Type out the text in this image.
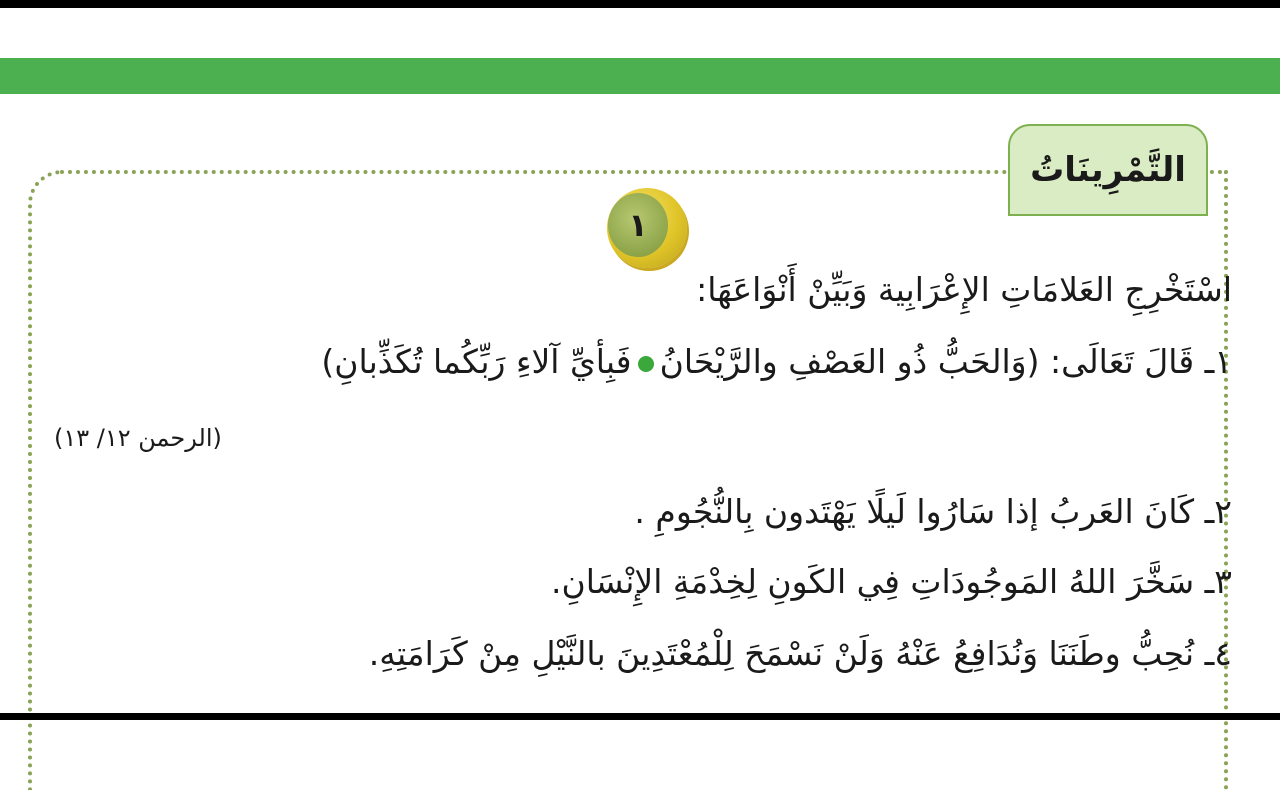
التَّمْرِينَاتُ
١

اسْتَخْرِجِ العَلامَاتِ الإِعْرَابِية وَبَيِّنْ أَنْوَاعَهَا:

١ـ قَالَ تَعَالَى: (وَالحَبُّ ذُو العَصْفِ والرَّيْحَانُفَبِأيِّ آلاءِ رَبِّكُما تُكَذِّبانِ)

(الرحمن ١٢/ ١٣)

٢ـ كَانَ العَربُ إذا سَارُوا لَيلًا يَهْتَدون بِالنُّجُومِ .

٣ـ سَخَّرَ اللهُ المَوجُودَاتِ فِي الكَونِ لِخِدْمَةِ الإِنْسَانِ.

٤ـ نُحِبُّ وطَنَنَا وَنُدَافِعُ عَنْهُ وَلَنْ نَسْمَحَ لِلْمُعْتَدِينَ بالنَّيْلِ مِنْ كَرَامَتِهِ.
